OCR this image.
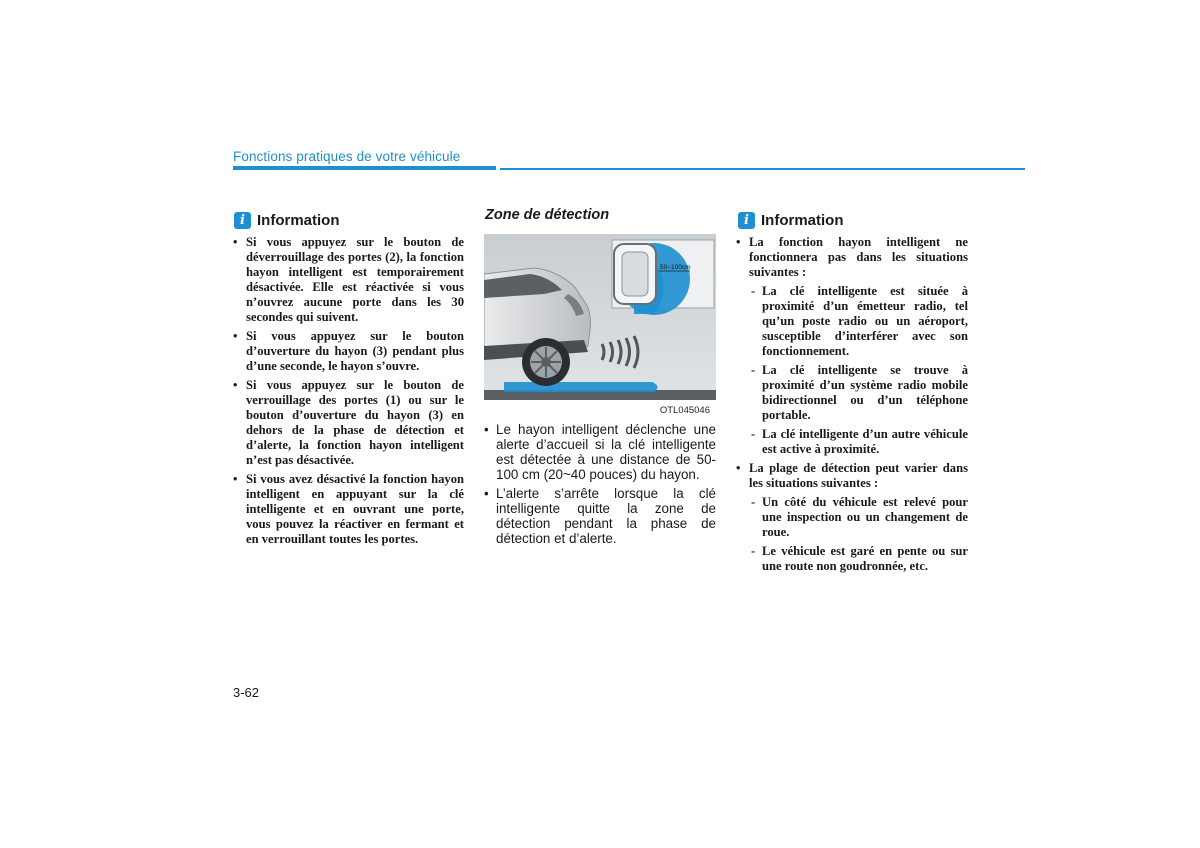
Fonctions pratiques de votre véhicule
i Information
• Si vous appuyez sur le bouton de déverrouillage des portes (2), la fonction hayon intelligent est temporairement désactivée. Elle est réactivée si vous n’ouvrez aucune porte dans les 30 secondes qui suivent.
• Si vous appuyez sur le bouton d’ouverture du hayon (3) pendant plus d’une seconde, le hayon s’ouvre.
• Si vous appuyez sur le bouton de verrouillage des portes (1) ou sur le bouton d’ouverture du hayon (3) en dehors de la phase de détection et d’alerte, la fonction hayon intelligent n’est pas désactivée.
• Si vous avez désactivé la fonction hayon intelligent en appuyant sur la clé intelligente et en ouvrant une porte, vous pouvez la réactiver en fermant et en verrouillant toutes les portes.
Zone de détection
50~100cm
OTL045046
• Le hayon intelligent déclenche une alerte d’accueil si la clé intelligente est détectée à une distance de 50-100 cm (20~40 pouces) du hayon.
• L’alerte s’arrête lorsque la clé intelligente quitte la zone de détection pendant la phase de détection et d’alerte.
i Information
• La fonction hayon intelligent ne fonctionnera pas dans les situations suivantes :
- La clé intelligente est située à proximité d’un émetteur radio, tel qu’un poste radio ou un aéroport, susceptible d’interférer avec son fonctionnement.
- La clé intelligente se trouve à proximité d’un système radio mobile bidirectionnel ou d’un téléphone portable.
- La clé intelligente d’un autre véhicule est active à proximité.
• La plage de détection peut varier dans les situations suivantes :
- Un côté du véhicule est relevé pour une inspection ou un changement de roue.
- Le véhicule est garé en pente ou sur une route non goudronnée, etc.
3-62
